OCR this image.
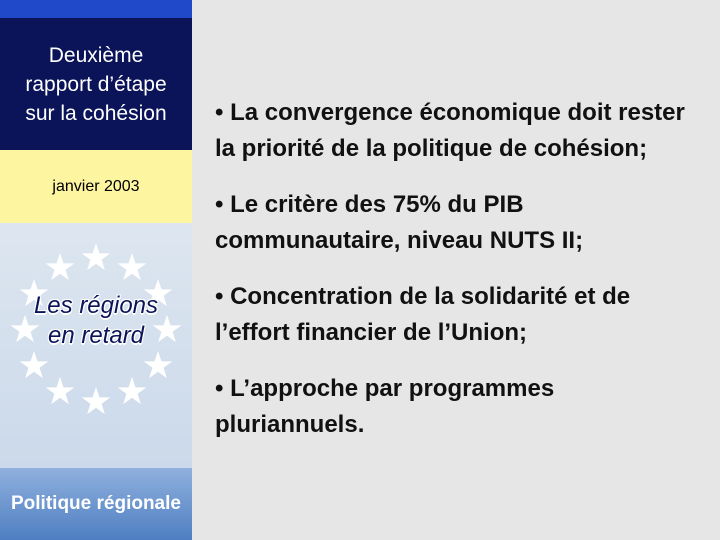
Deuxième
rapport d’étape
sur la cohésion
janvier 2003
Les régions
en retard
Politique régionale

• La convergence économique doit rester la priorité de la politique de cohésion;

• Le critère des 75% du PIB communautaire, niveau NUTS II;

• Concentration de la solidarité et de l’effort financier de l’Union;

• L’approche par programmes pluriannuels.
